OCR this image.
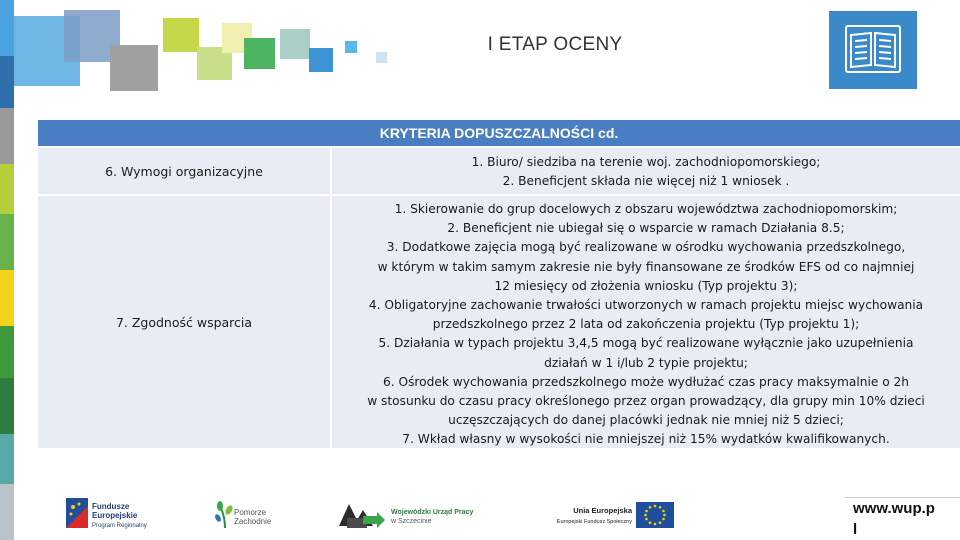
I ETAP OCENY
KRYTERIA DOPUSZCZALNOŚCI cd.
6. Wymogi organizacyjne
1. Biuro/ siedziba na terenie woj. zachodniopomorskiego;
2. Beneficjent składa nie więcej niż 1 wniosek .
7. Zgodność wsparcia
1. Skierowanie do grup docelowych z obszaru województwa zachodniopomorskim;
2. Beneficjent nie ubiegał się o wsparcie w ramach Działania 8.5;
3. Dodatkowe zajęcia mogą być realizowane w ośrodku wychowania przedszkolnego,
w którym w takim samym zakresie nie były finansowane ze środków EFS od co najmniej
12 miesięcy od złożenia wniosku (Typ projektu 3);
4. Obligatoryjne zachowanie trwałości utworzonych w ramach projektu miejsc wychowania
przedszkolnego przez 2 lata od zakończenia projektu (Typ projektu 1);
5. Działania w typach projektu 3,4,5 mogą być realizowane wyłącznie jako uzupełnienia
działań w 1 i/lub 2 typie projektu;
6. Ośrodek wychowania przedszkolnego może wydłużać czas pracy maksymalnie o 2h
w stosunku do czasu pracy określonego przez organ prowadzący, dla grupy min 10% dzieci
uczęszczających do danej placówki jednak nie mniej niż 5 dzieci;
7. Wkład własny w wysokości nie mniejszej niż 15% wydatków kwalifikowanych.
Fundusze
Europejskie
Program Regionalny
Pomorze
Zachodnie
Wojewódzki Urząd Pracy
w Szczecinie
Unia Europejska
Europejski Fundusz Społeczny
www.wup.p
l
